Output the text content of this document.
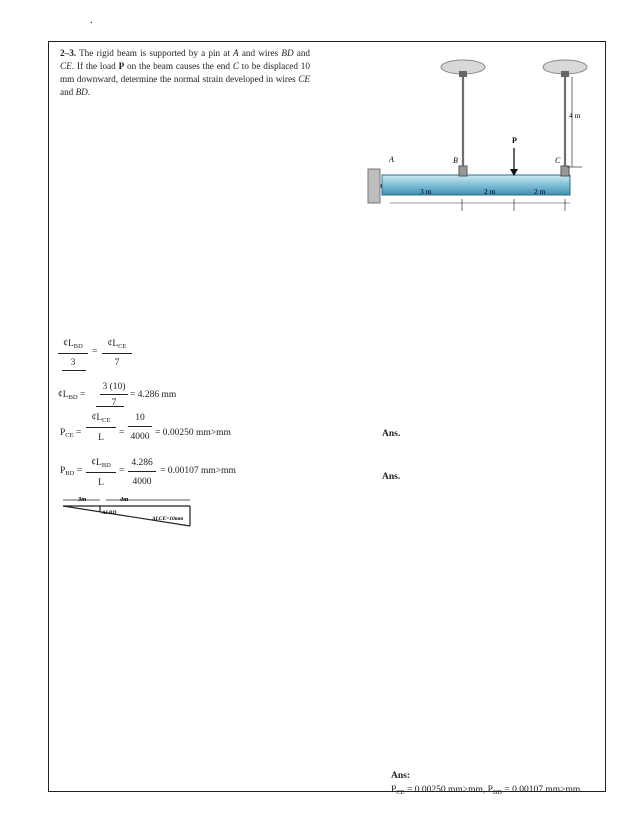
.
2–3. The rigid beam is supported by a pin at A and wires BD and CE. If the load P on the beam causes the end C to be displaced 10 mm downward, determine the normal strain developed in wires CE and BD.
A	B	C
P
4 m
3 m	2 m	2 m
$¢L_{BD}$
3
=
$¢L_{CE}$
7
$¢L_{BD} = \frac{3 (10)}{7} = 4.286$ mm
$P_{CE}$ =
$¢L_{CE}$
L	= $\frac{10}{4000} = 0.00250$ mm>mm	Ans.
$P_{BD}$ =
$¢L_{BD}$
L
= $\frac{4.286}{4000} = 0.00107$ mm>mm
Ans.
3m	4m
ΔLBD
ΔLCE=10mm
Ans:
$P_{CE} = 0.00250$ mm>mm, $P_{BD} = 0.00107$ mm>mm
